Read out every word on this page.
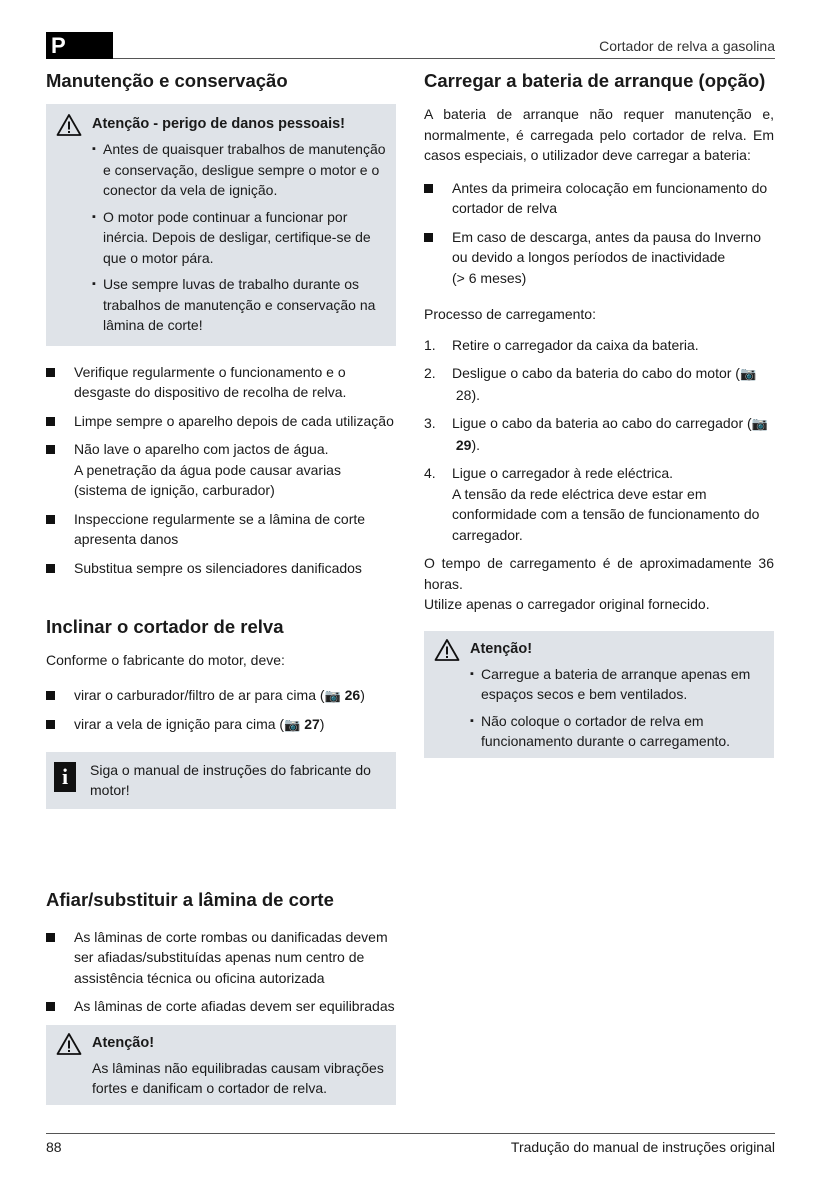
P	Cortador de relva a gasolina
Manutenção e conservação
Atenção - perigo de danos pessoais!
▪ Antes de quaisquer trabalhos de manutenção e conservação, desligue sempre o motor e o conector da vela de ignição.
▪ O motor pode continuar a funcionar por inércia. Depois de desligar, certifique-se de que o motor pára.
▪ Use sempre luvas de trabalho durante os trabalhos de manutenção e conservação na lâmina de corte!
Verifique regularmente o funcionamento e o desgaste do dispositivo de recolha de relva.
Limpe sempre o aparelho depois de cada utilização
Não lave o aparelho com jactos de água.
A penetração da água pode causar avarias (sistema de ignição, carburador)
Inspeccione regularmente se a lâmina de corte apresenta danos
Substitua sempre os silenciadores danificados
Inclinar o cortador de relva

Conforme o fabricante do motor, deve:

virar o carburador/filtro de ar para cima (📷 26)
virar a vela de ignição para cima (📷 27)
i	Siga o manual de instruções do fabricante do motor!
Afiar/substituir a lâmina de corte
As lâminas de corte rombas ou danificadas devem ser afiadas/substituídas apenas num centro de assistência técnica ou oficina autorizada
As lâminas de corte afiadas devem ser equilibradas
Atenção!
As lâminas não equilibradas causam vibrações fortes e danificam o cortador de relva.
Carregar a bateria de arranque (opção)

A bateria de arranque não requer manutenção e, normalmente, é carregada pelo cortador de relva. Em casos especiais, o utilizador deve carregar a bateria:

Antes da primeira colocação em funcionamento do cortador de relva
Em caso de descarga, antes da pausa do Inverno ou devido a longos períodos de inactividade
(> 6 meses)

Processo de carregamento:

1. Retire o carregador da caixa da bateria.
2. Desligue o cabo da bateria do cabo do motor (📷 28).
3. Ligue o cabo da bateria ao cabo do carregador (📷 29).
4. Ligue o carregador à rede eléctrica.
A tensão da rede eléctrica deve estar em conformidade com a tensão de funcionamento do carregador.

O tempo de carregamento é de aproximadamente 36 horas.

Utilize apenas o carregador original fornecido.

Atenção!
▪ Carregue a bateria de arranque apenas em espaços secos e bem ventilados.
▪ Não coloque o cortador de relva em funcionamento durante o carregamento.
88	Tradução do manual de instruções original
